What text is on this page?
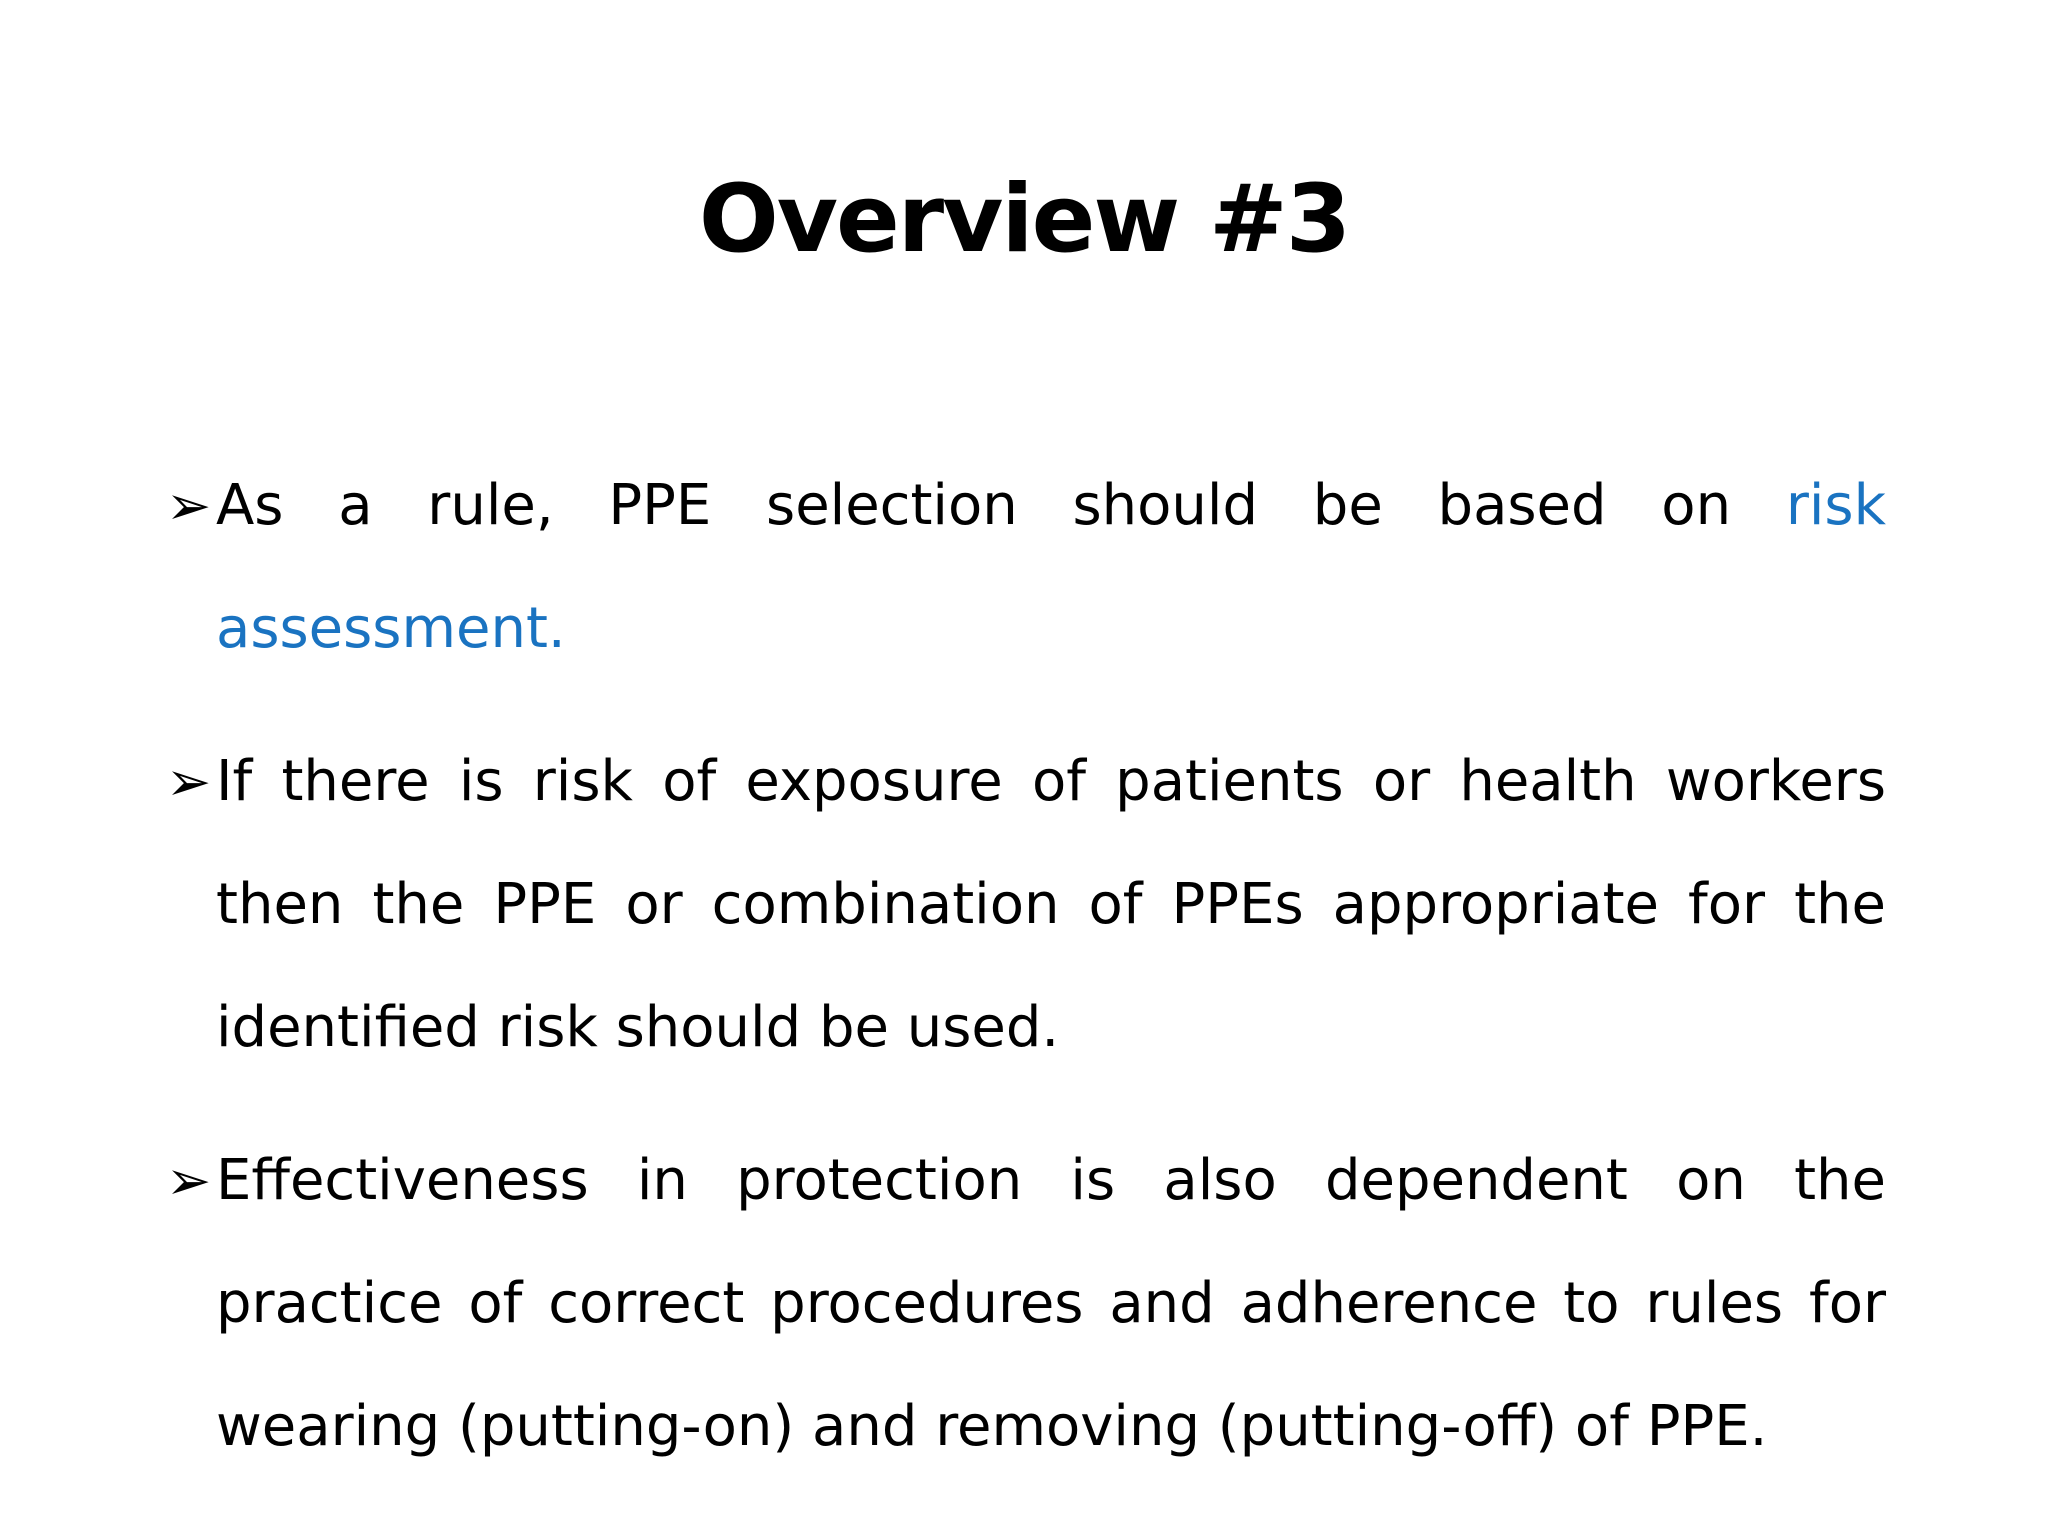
Overview #3

➢ As a rule, PPE selection should be based on risk assessment.

➢ If there is risk of exposure of patients or health workers then the PPE or combination of PPEs appropriate for the identified risk should be used.

➢ Effectiveness in protection is also dependent on the practice of correct procedures and adherence to rules for wearing (putting-on) and removing (putting-off) of PPE.
